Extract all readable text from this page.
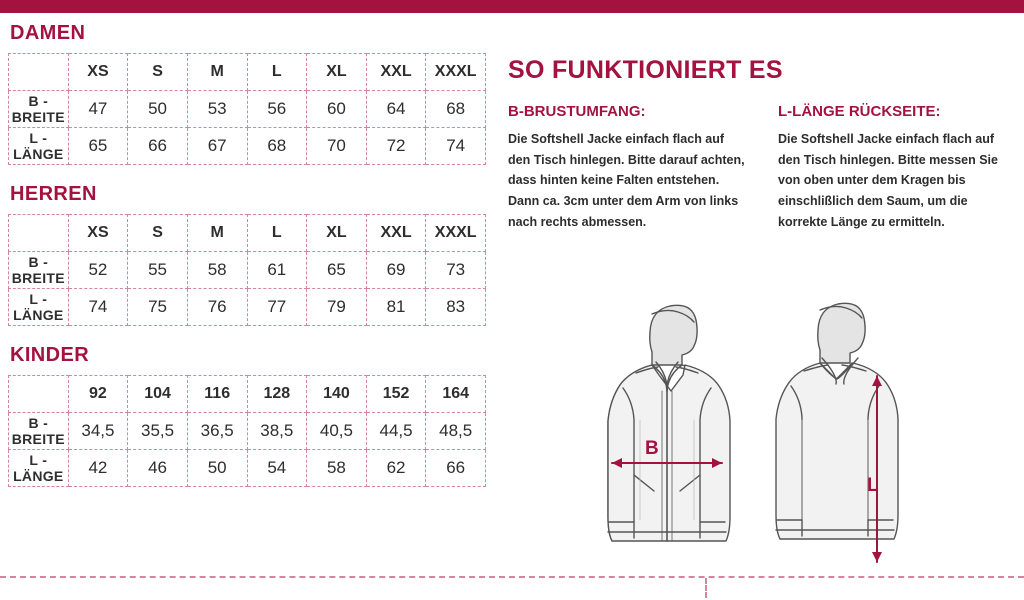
DAMEN
	XS	S	M	L	XL	XXL	XXXL
B - BREITE	47	50	53	56	60	64	68
L - LÄNGE	65	66	67	68	70	72	74
HERREN
	XS	S	M	L	XL	XXL	XXXL
B - BREITE	52	55	58	61	65	69	73
L - LÄNGE	74	75	76	77	79	81	83
KINDER
	92	104	116	128	140	152	164
B - BREITE	34,5	35,5	36,5	38,5	40,5	44,5	48,5
L - LÄNGE	42	46	50	54	58	62	66
SO FUNKTIONIERT ES
B-BRUSTUMFANG:
Die Softshell Jacke einfach flach auf den Tisch hinlegen. Bitte darauf achten, dass hinten keine Falten entstehen. Dann ca. 3cm unter dem Arm von links nach rechts abmessen.
L-LÄNGE RÜCKSEITE:
Die Softshell Jacke einfach flach auf den Tisch hinlegen. Bitte messen Sie von oben unter dem Kragen bis einschlißlich dem Saum, um die korrekte Länge zu ermitteln.
B
L
